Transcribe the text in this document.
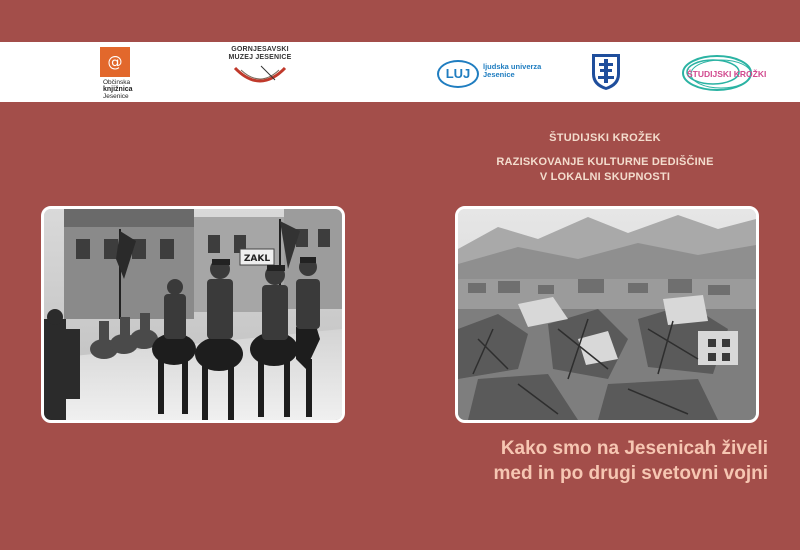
@
Občinska
knjižnica
Jesenice
GORNJESAVSKI
MUZEJ JESENICE
LUJ	ljudska univerza
Jesenice	ŠTUDIJSKI KROŽKI
ŠTUDIJSKI KROŽEK
RAZISKOVANJE KULTURNE DEDIŠČINE
V LOKALNI SKUPNOSTI
ZAKL
Kako smo na Jesenicah živeli
med in po drugi svetovni vojni
